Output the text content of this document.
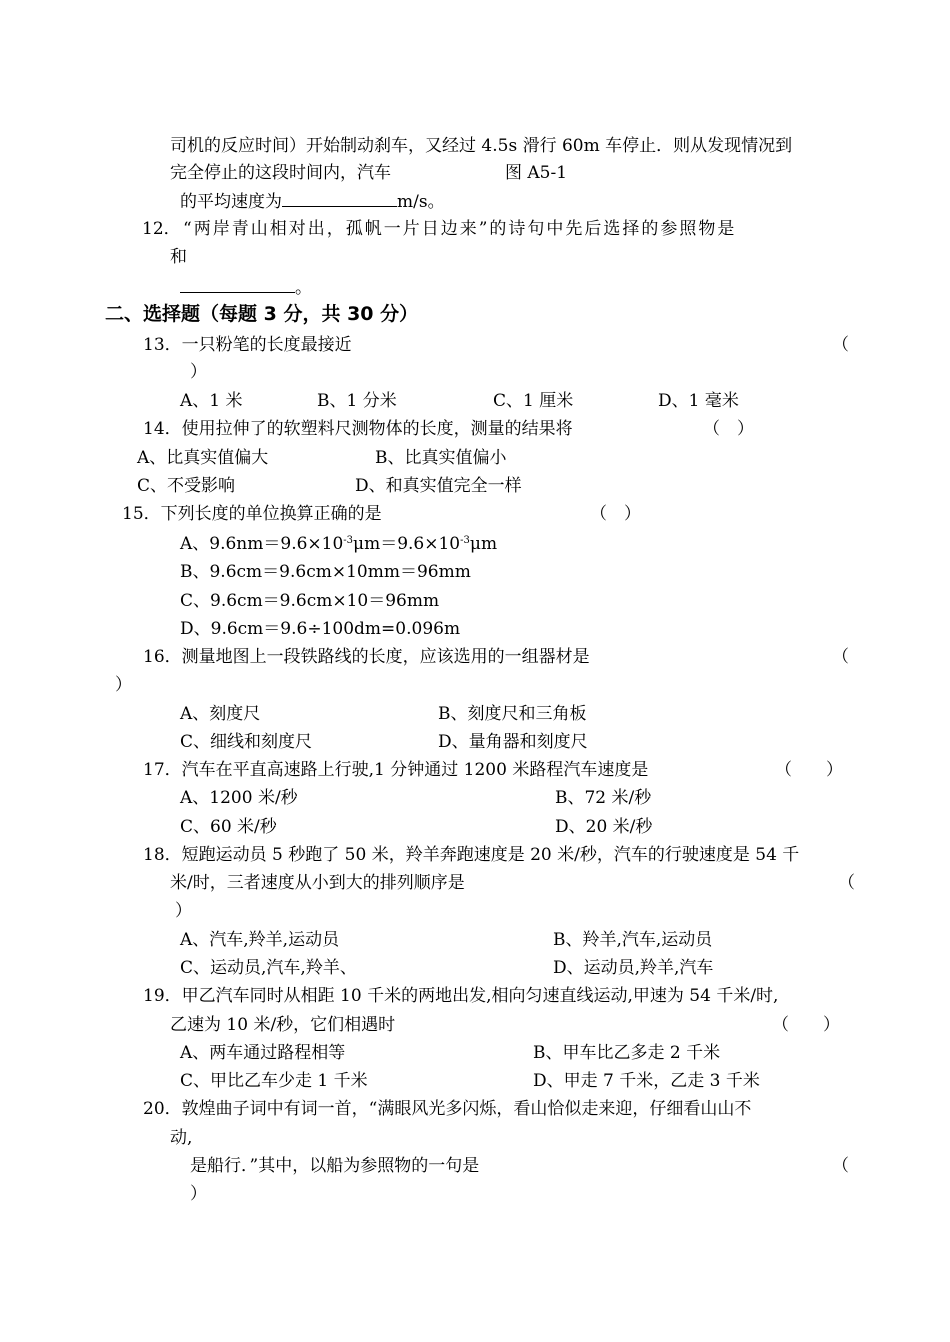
司机的反应时间）开始制动刹车，又经过 4.5s 滑行 60m 车停止．则从发现情况到
完全停止的这段时间内，汽车	图 A5-1
的平均速度为	m/s。
12． “两岸青山相对出，孤帆一片日边来”的诗句中先后选择的参照物是
和
。
二、选择题（每题 3 分，共 30 分）
13．一只粉笔的长度最接近	（
）
A、1 米	B、1 分米	C、1 厘米	D、1 毫米
14．使用拉伸了的软塑料尺测物体的长度，测量的结果将	（　）
A、比真实值偏大	B、比真实值偏小
C、不受影响	D、和真实值完全一样
15．下列长度的单位换算正确的是	（　）
A、$9.6nm=9.6\times 10^{-3}\mu m=9.6\times 10^{-3}\mu m$
B、9.6cm＝9.6cm×10mm＝96mm
C、9.6cm＝9.6cm×10＝96mm
D、9.6cm＝9.6÷100dm=0.096m
16．测量地图上一段铁路线的长度，应该选用的一组器材是	（
）
A、刻度尺	B、刻度尺和三角板
C、细线和刻度尺	D、量角器和刻度尺
17．汽车在平直高速路上行驶,1 分钟通过 1200 米路程汽车速度是	（　　）
A、1200 米/秒	B、72 米/秒
C、60 米/秒	D、20 米/秒
18．短跑运动员 5 秒跑了 50 米，羚羊奔跑速度是 20 米/秒，汽车的行驶速度是 54 千
米/时，三者速度从小到大的排列顺序是	（
）
A、汽车,羚羊,运动员	B、羚羊,汽车,运动员
C、运动员,汽车,羚羊、	D、运动员,羚羊,汽车
19．甲乙汽车同时从相距 10 千米的两地出发,相向匀速直线运动,甲速为 54 千米/时,
乙速为 10 米/秒，它们相遇时	（　　）
A、两车通过路程相等	B、甲车比乙多走 2 千米
C、甲比乙车少走 1 千米	D、甲走 7 千米，乙走 3 千米
20．敦煌曲子词中有词一首，“满眼风光多闪烁，看山恰似走来迎，仔细看山山不
动,
是船行．”其中，以船为参照物的一句是	（
）
